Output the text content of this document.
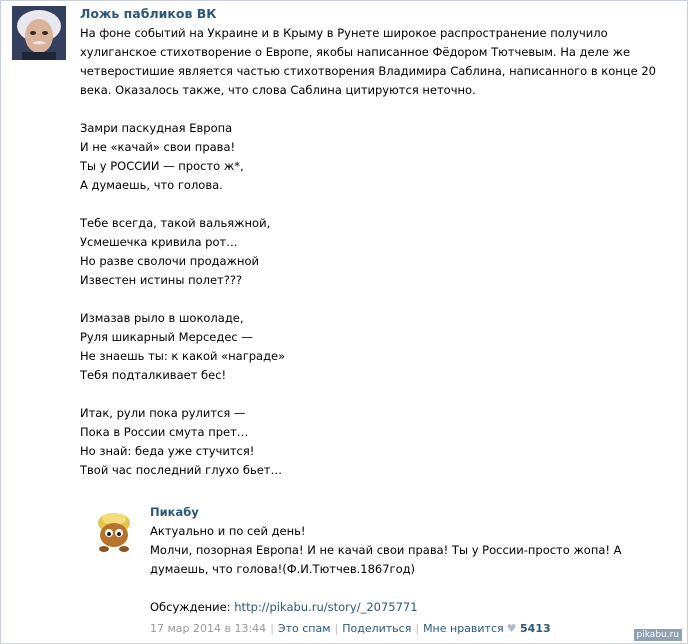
Ложь пабликов ВК

На фоне событий на Украине и в Крыму в Рунете широкое распространение получило хулиганское стихотворение о Европе, якобы написанное Фёдором Тютчевым. На деле же четверостишие является частью стихотворения Владимира Саблина, написанного в конце 20 века. Оказалось также, что слова Саблина цитируются неточно.

Замри паскудная Европа

И не «качай» свои права!

Ты у РОССИИ — просто ж*,

А думаешь, что голова.

Тебе всегда, такой вальяжной,

Усмешечка кривила рот…

Но разве сволочи продажной

Известен истины полет???

Измазав рыло в шоколаде,

Руля шикарный Мерседес —

Не знаешь ты: к какой «награде»

Тебя подталкивает бес!

Итак, рули пока рулится —

Пока в России смута прет…

Но знай: беда уже стучится!

Твой час последний глухо бьет…

Пикабу

Актуально и по сей день!

Молчи, позорная Европа! И не качай свои права! Ты у России-просто жопа! А думаешь, что голова!(Ф.И.Тютчев.1867год)

Обсуждение: http://pikabu.ru/story/_2075771
17 мар 2014 в 13:44 | Это спам | Поделиться | Мне нравится ♥ 5413	pikabu.ru
